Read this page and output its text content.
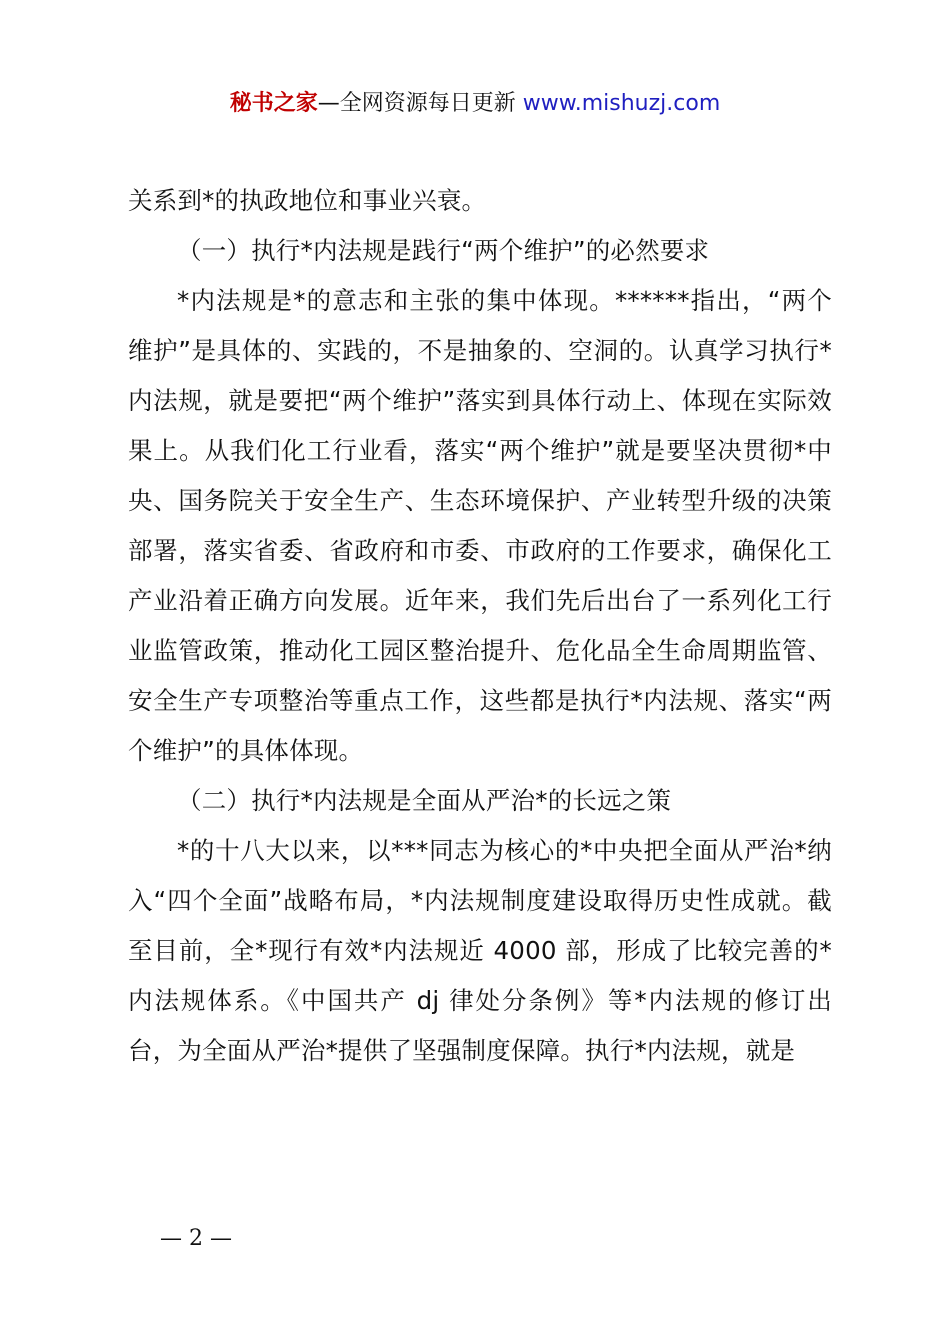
秘书之家—全网资源每日更新 www.mishuzj.com

关系到*的执政地位和事业兴衰。

（一）执行*内法规是践行“两个维护”的必然要求

*内法规是*的意志和主张的集中体现。******指出，“两个维护”是具体的、实践的，不是抽象的、空洞的。认真学习执行*内法规，就是要把“两个维护”落实到具体行动上、体现在实际效果上。从我们化工行业看，落实“两个维护”就是要坚决贯彻*中央、国务院关于安全生产、生态环境保护、产业转型升级的决策部署，落实省委、省政府和市委、市政府的工作要求，确保化工产业沿着正确方向发展。近年来，我们先后出台了一系列化工行业监管政策，推动化工园区整治提升、危化品全生命周期监管、安全生产专项整治等重点工作，这些都是执行*内法规、落实“两个维护”的具体体现。

（二）执行*内法规是全面从严治*的长远之策

*的十八大以来，以***同志为核心的*中央把全面从严治*纳入“四个全面”战略布局，*内法规制度建设取得历史性成就。截至目前，全*现行有效*内法规近 4000 部，形成了比较完善的*内法规体系。《中国共产 dj 律处分条例》等*内法规的修订出台，为全面从严治*提供了坚强制度保障。执行*内法规，就是

— 2 —
